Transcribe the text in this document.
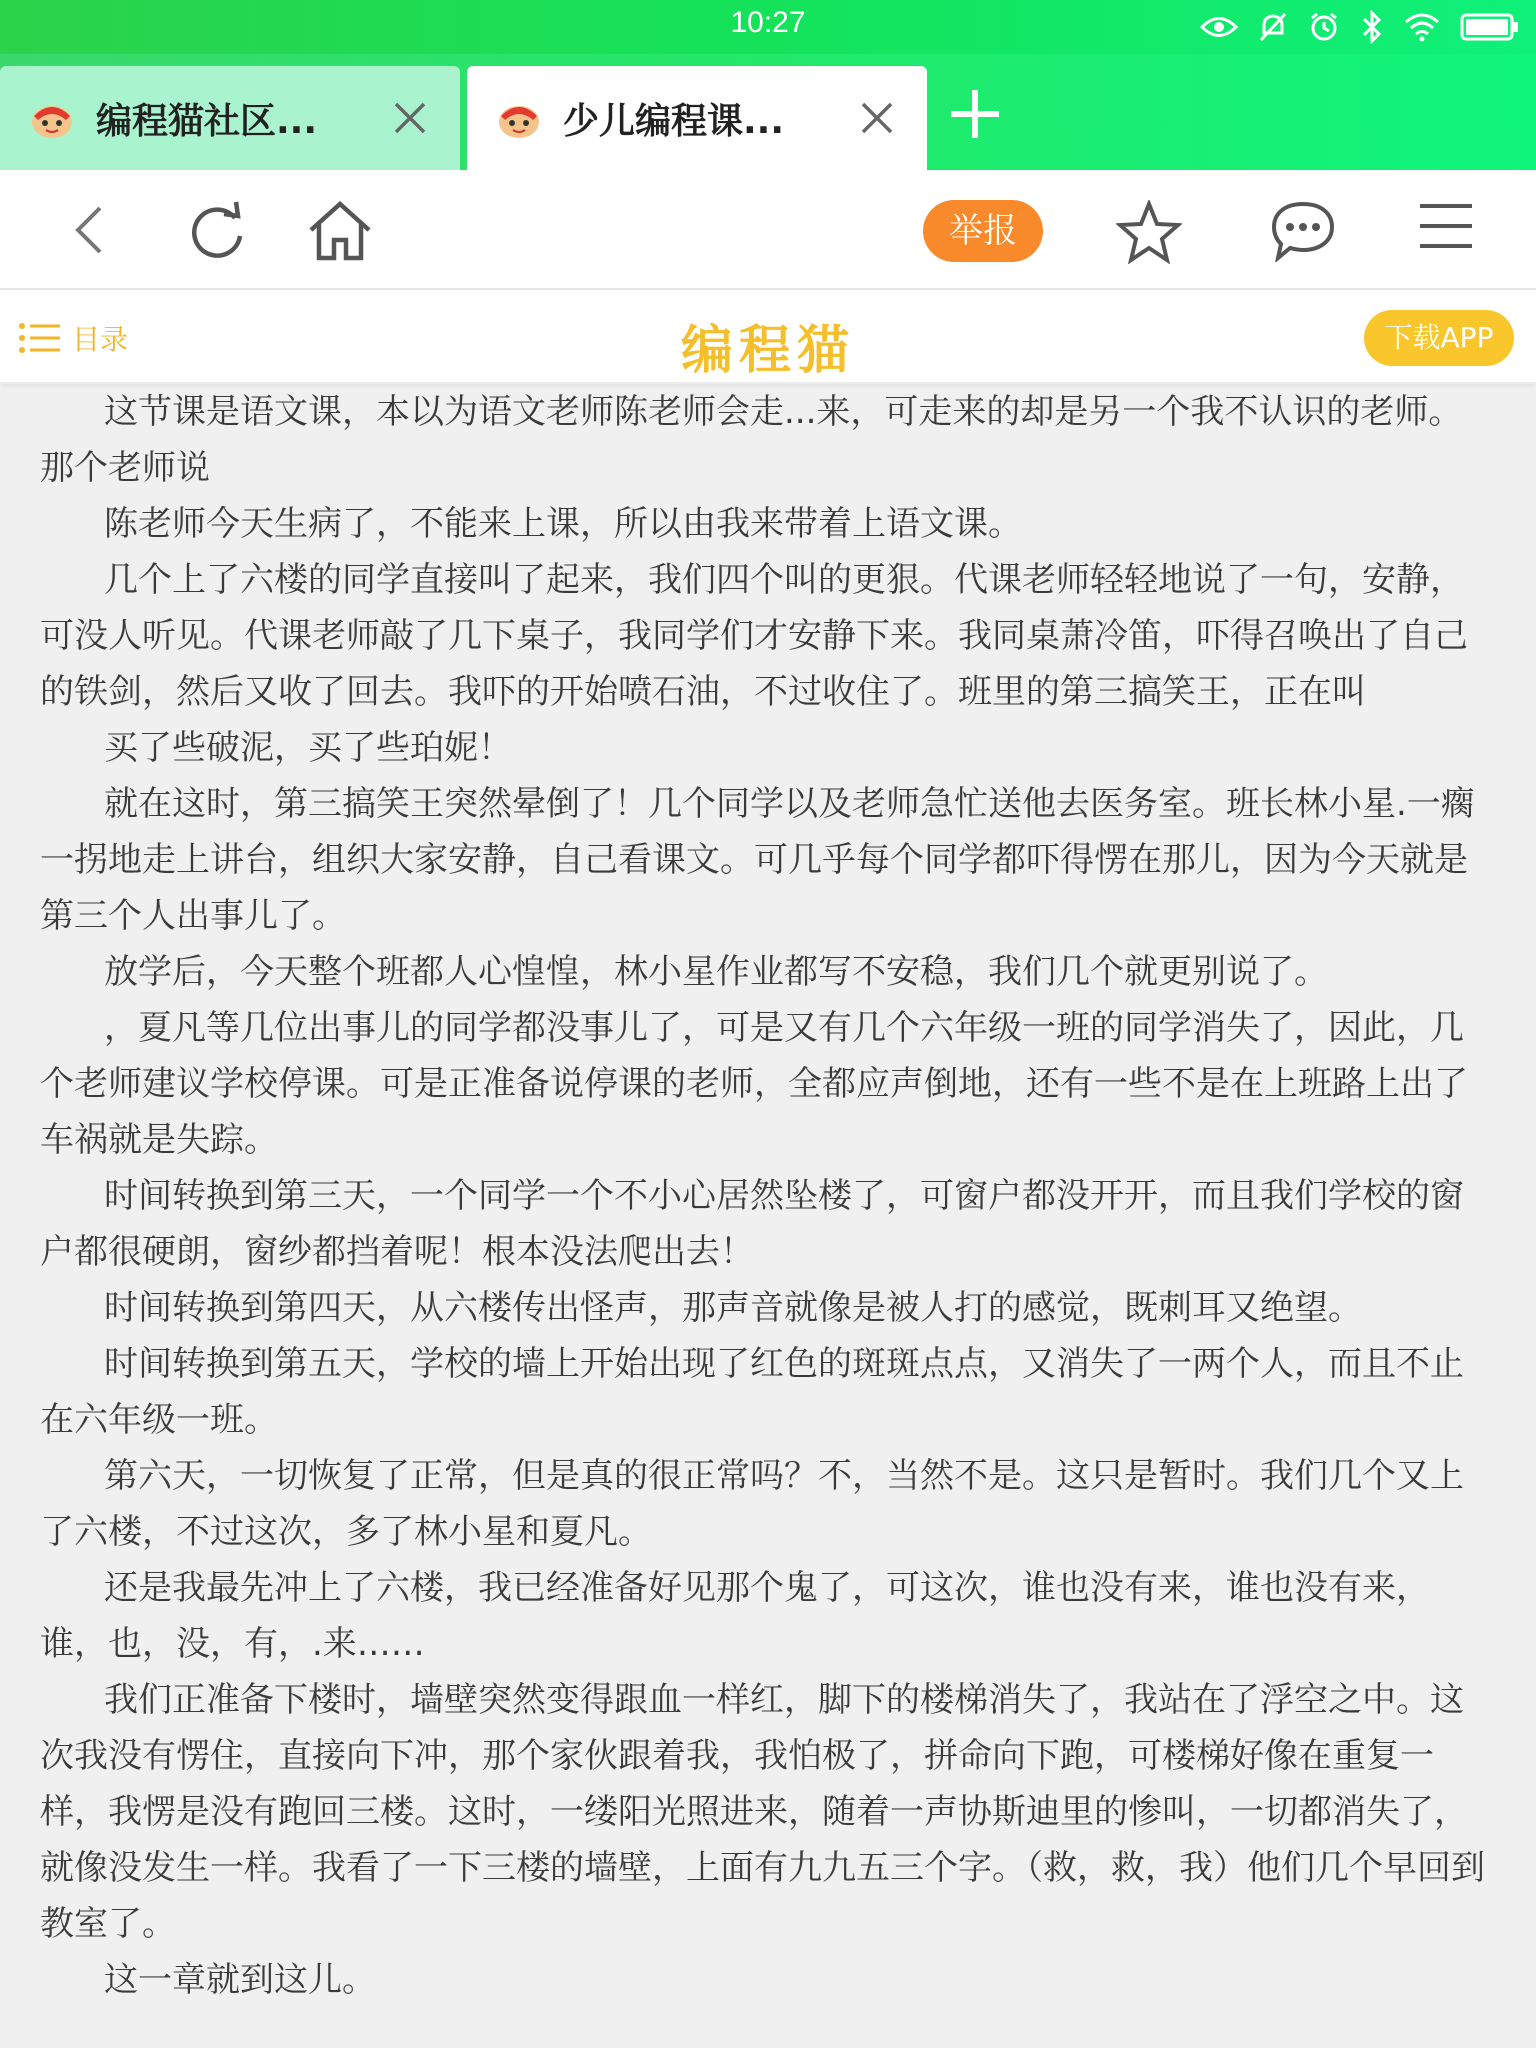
10:27
编程猫社区...	少儿编程课...
举报
目录	编程猫	下载APP

这节课是语文课，本以为语文老师陈老师会走...来，可走来的却是另一个我不认识的老师。那个老师说

陈老师今天生病了，不能来上课，所以由我来带着上语文课。

几个上了六楼的同学直接叫了起来，我们四个叫的更狠。代课老师轻轻地说了一句，安静，可没人听见。代课老师敲了几下桌子，我同学们才安静下来。我同桌萧冷笛，吓得召唤出了自己的铁剑，然后又收了回去。我吓的开始喷石油，不过收住了。班里的第三搞笑王，正在叫

买了些破泥，买了些珀妮！

就在这时，第三搞笑王突然晕倒了！几个同学以及老师急忙送他去医务室。班长林小星.一瘸一拐地走上讲台，组织大家安静，自己看课文。可几乎每个同学都吓得愣在那儿，因为今天就是第三个人出事儿了。

放学后，今天整个班都人心惶惶，林小星作业都写不安稳，我们几个就更别说了。

，夏凡等几位出事儿的同学都没事儿了，可是又有几个六年级一班的同学消失了，因此，几个老师建议学校停课。可是正准备说停课的老师，全都应声倒地，还有一些不是在上班路上出了车祸就是失踪。

时间转换到第三天，一个同学一个不小心居然坠楼了，可窗户都没开开，而且我们学校的窗户都很硬朗，窗纱都挡着呢！根本没法爬出去！

时间转换到第四天，从六楼传出怪声，那声音就像是被人打的感觉，既刺耳又绝望。

时间转换到第五天，学校的墙上开始出现了红色的斑斑点点，又消失了一两个人，而且不止在六年级一班。

第六天，一切恢复了正常，但是真的很正常吗？不，当然不是。这只是暂时。我们几个又上了六楼，不过这次，多了林小星和夏凡。

还是我最先冲上了六楼，我已经准备好见那个鬼了，可这次，谁也没有来，谁也没有来，谁，也，没，有，.来……

我们正准备下楼时，墙壁突然变得跟血一样红，脚下的楼梯消失了，我站在了浮空之中。这次我没有愣住，直接向下冲，那个家伙跟着我，我怕极了，拼命向下跑，可楼梯好像在重复一样，我愣是没有跑回三楼。这时，一缕阳光照进来，随着一声协斯迪里的惨叫，一切都消失了，就像没发生一样。我看了一下三楼的墙壁，上面有九九五三个字。（救，救，我）他们几个早回到教室了。

这一章就到这儿。
